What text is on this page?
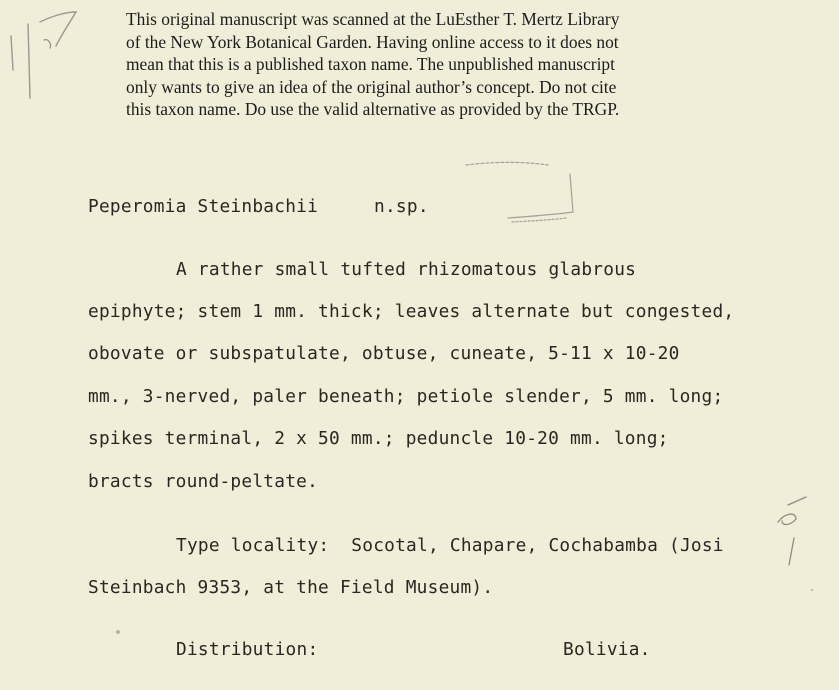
This original manuscript was scanned at the LuEsther T. Mertz Library

of the New York Botanical Garden. Having online access to it does not

mean that this is a published taxon name. The unpublished manuscript

only wants to give an idea of the original author’s concept. Do not cite

this taxon name. Do use the valid alternative as provided by the TRGP.

Peperomia Steinbachii	n.sp.
A rather small tufted rhizomatous glabrous
epiphyte; stem 1 mm. thick; leaves alternate but congested,
obovate or subspatulate, obtuse, cuneate, 5-11 x 10-20
mm., 3-nerved, paler beneath; petiole slender, 5 mm. long;
spikes terminal, 2 x 50 mm.; peduncle 10-20 mm. long;
bracts round-peltate.
Type locality:  Socotal, Chapare, Cochabamba (Josi
Steinbach 9353, at the Field Museum).
Distribution:	Bolivia.
